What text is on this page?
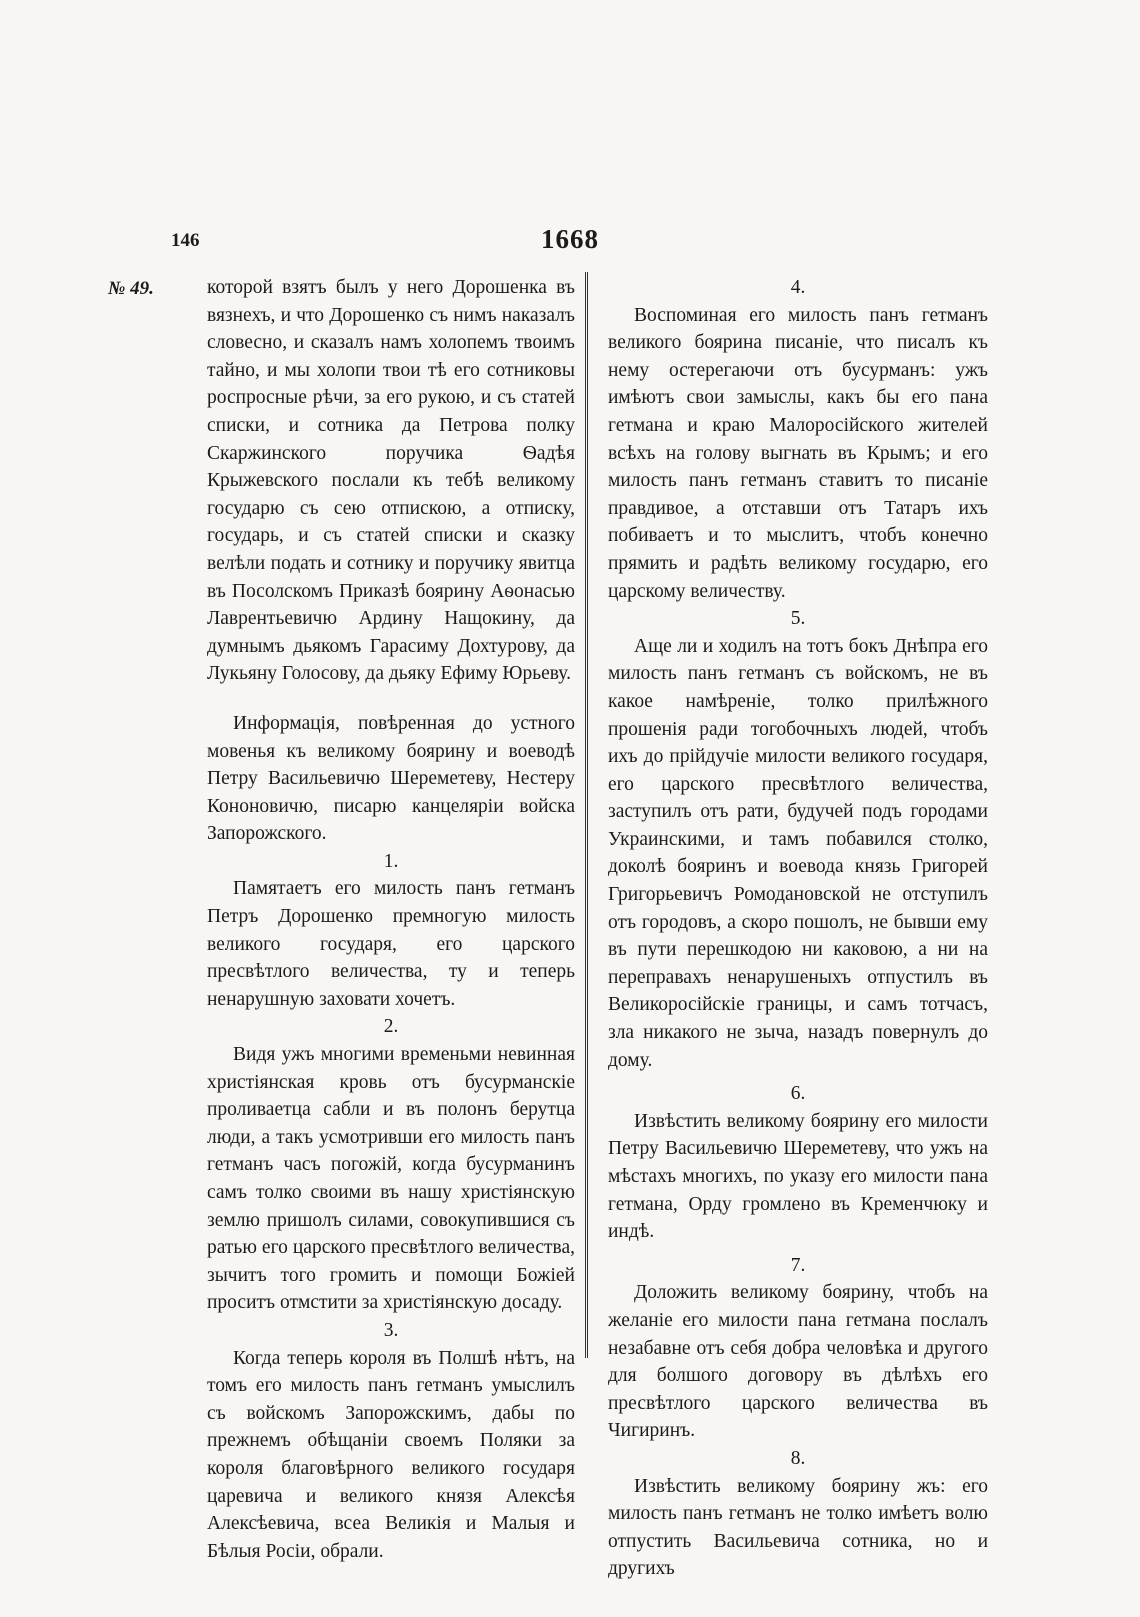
146	1668
№ 49.	которой взятъ былъ у него Дорошенка въ вязнехъ, и что Дорошенко съ нимъ наказалъ словесно, и сказалъ намъ холопемъ твоимъ тайно, и мы холопи твои тѣ его сотниковы роспросные рѣчи, за его рукою, и съ статей списки, и сотника да Петрова полку Скаржинского поручика Ѳадѣя Крыжевского послали къ тебѣ великому государю съ сею отпискою, а отписку, государь, и съ статей списки и сказку велѣли подать и сотнику и поручику явитца въ Посолскомъ Приказѣ боярину Аѳонасью Лаврентьевичю Ардину Нащокину, да думнымъ дьякомъ Гарасиму Дохтурову, да Лукьяну Голосову, да дьяку Ефиму Юрьеву.

Информація, повѣренная до устного мовенья къ великому боярину и воеводѣ Петру Васильевичю Шереметеву, Нестеру Кононовичю, писарю канцелярiи войска Запорожского.

1.

Памятаетъ его милость панъ гетманъ Петръ Дорошенко премногую милость великого государя, его царского пресвѣтлого величества, ту и теперь ненарушную заховати хочетъ.

2.

Видя ужъ многими временьми невинная христiянская кровь отъ бусурманскiе проливаетца сабли и въ полонъ берутца люди, а такъ усмотривши его милость панъ гетманъ часъ погожій, когда бусурманинъ самъ толко своими въ нашу христiянскую землю пришолъ силами, совокупившися съ ратью его царского пресвѣтлого величества, зычитъ того громить и помощи Божiей проситъ отмстити за христiянскую досаду.

3.

Когда теперь короля въ Полшѣ нѣтъ, на томъ его милость панъ гетманъ умыслилъ съ войскомъ Запорожскимъ, дабы по прежнемъ обѣщанiи своемъ Поляки за короля благовѣрного великого государя царевича и великого князя Алексѣя Алексѣевича, всеа Великiя и Малыя и Бѣлыя Росiи, обрали.

4.

Воспоминая его милость панъ гетманъ великого боярина писанiе, что писалъ къ нему остерегаючи отъ бусурманъ: ужъ имѣютъ свои замыслы, какъ бы его пана гетмана и краю Малоросiйского жителей всѣхъ на голову выгнать въ Крымъ; и его милость панъ гетманъ ставитъ то писанiе правдивое, а отставши отъ Татаръ ихъ побиваетъ и то мыслитъ, чтобъ конечно прямить и радѣть великому государю, его царскому величеству.

5.

Аще ли и ходилъ на тотъ бокъ Днѣпра его милость панъ гетманъ съ войскомъ, не въ какое намѣренiе, толко прилѣжного прошенiя ради тогобочныхъ людей, чтобъ ихъ до прiйдучiе милости великого государя, его царского пресвѣтлого величества, заступилъ отъ рати, будучей подъ городами Украинскими, и тамъ побавился столко, доколѣ бояринъ и воевода князь Григорей Григорьевичъ Ромодановской не отступилъ отъ городовъ, а скоро пошолъ, не бывши ему въ пути перешкодою ни каковою, а ни на переправахъ ненарушеныхъ отпустилъ въ Великоросiйскiе границы, и самъ тотчасъ, зла никакого не зыча, назадъ повернулъ до дому.

6.

Извѣстить великому боярину его милости Петру Васильевичю Шереметеву, что ужъ на мѣстахъ многихъ, по указу его милости пана гетмана, Орду громлено въ Кременчюку и индѣ.

7.

Доложить великому боярину, чтобъ на желанiе его милости пана гетмана послалъ незабавне отъ себя добра человѣка и другого для болшого договору въ дѣлѣхъ его пресвѣтлого царского величества въ Чигиринъ.

8.

Извѣстить великому боярину жъ: его милость панъ гетманъ не толко имѣетъ волю отпустить Васильевича сотника, но и другихъ
